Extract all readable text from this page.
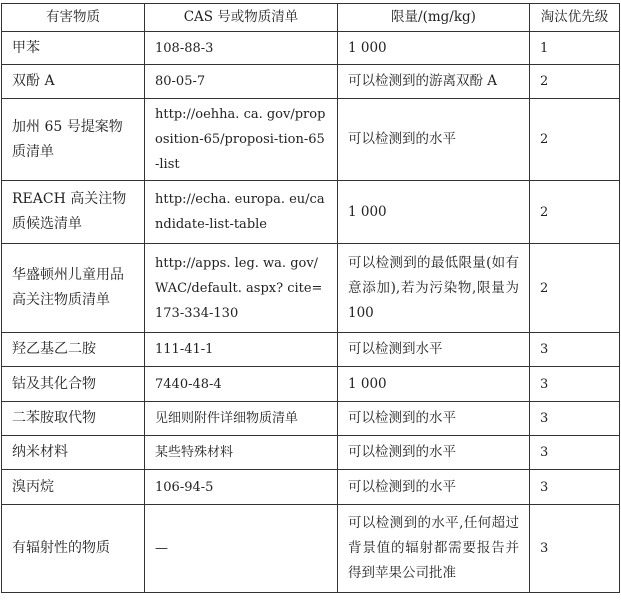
有害物质	CAS 号或物质清单	限量/(mg/kg)	淘汰优先级
甲苯	108-88-3	1 000	1
双酚 A	80-05-7	可以检测到的游离双酚 A	2
加州 65 号提案物质清单	http://oehha. ca. gov/proposition-65/proposi-tion-65-list	可以检测到的水平	2
REACH 高关注物质候选清单	http://echa. europa. eu/candidate-list-table	1 000	2
华盛顿州儿童用品高关注物质清单	http://apps. leg. wa. gov/WAC/default. aspx? cite=173-334-130	可以检测到的最低限量(如有意添加),若为污染物,限量为 100	2
羟乙基乙二胺	111-41-1	可以检测到水平	3
钴及其化合物	7440-48-4	1 000	3
二苯胺取代物	见细则附件详细物质清单	可以检测到的水平	3
纳米材料	某些特殊材料	可以检测到的水平	3
溴丙烷	106-94-5	可以检测到的水平	3
有辐射性的物质	—	可以检测到的水平,任何超过背景值的辐射都需要报告并得到苹果公司批准	3
